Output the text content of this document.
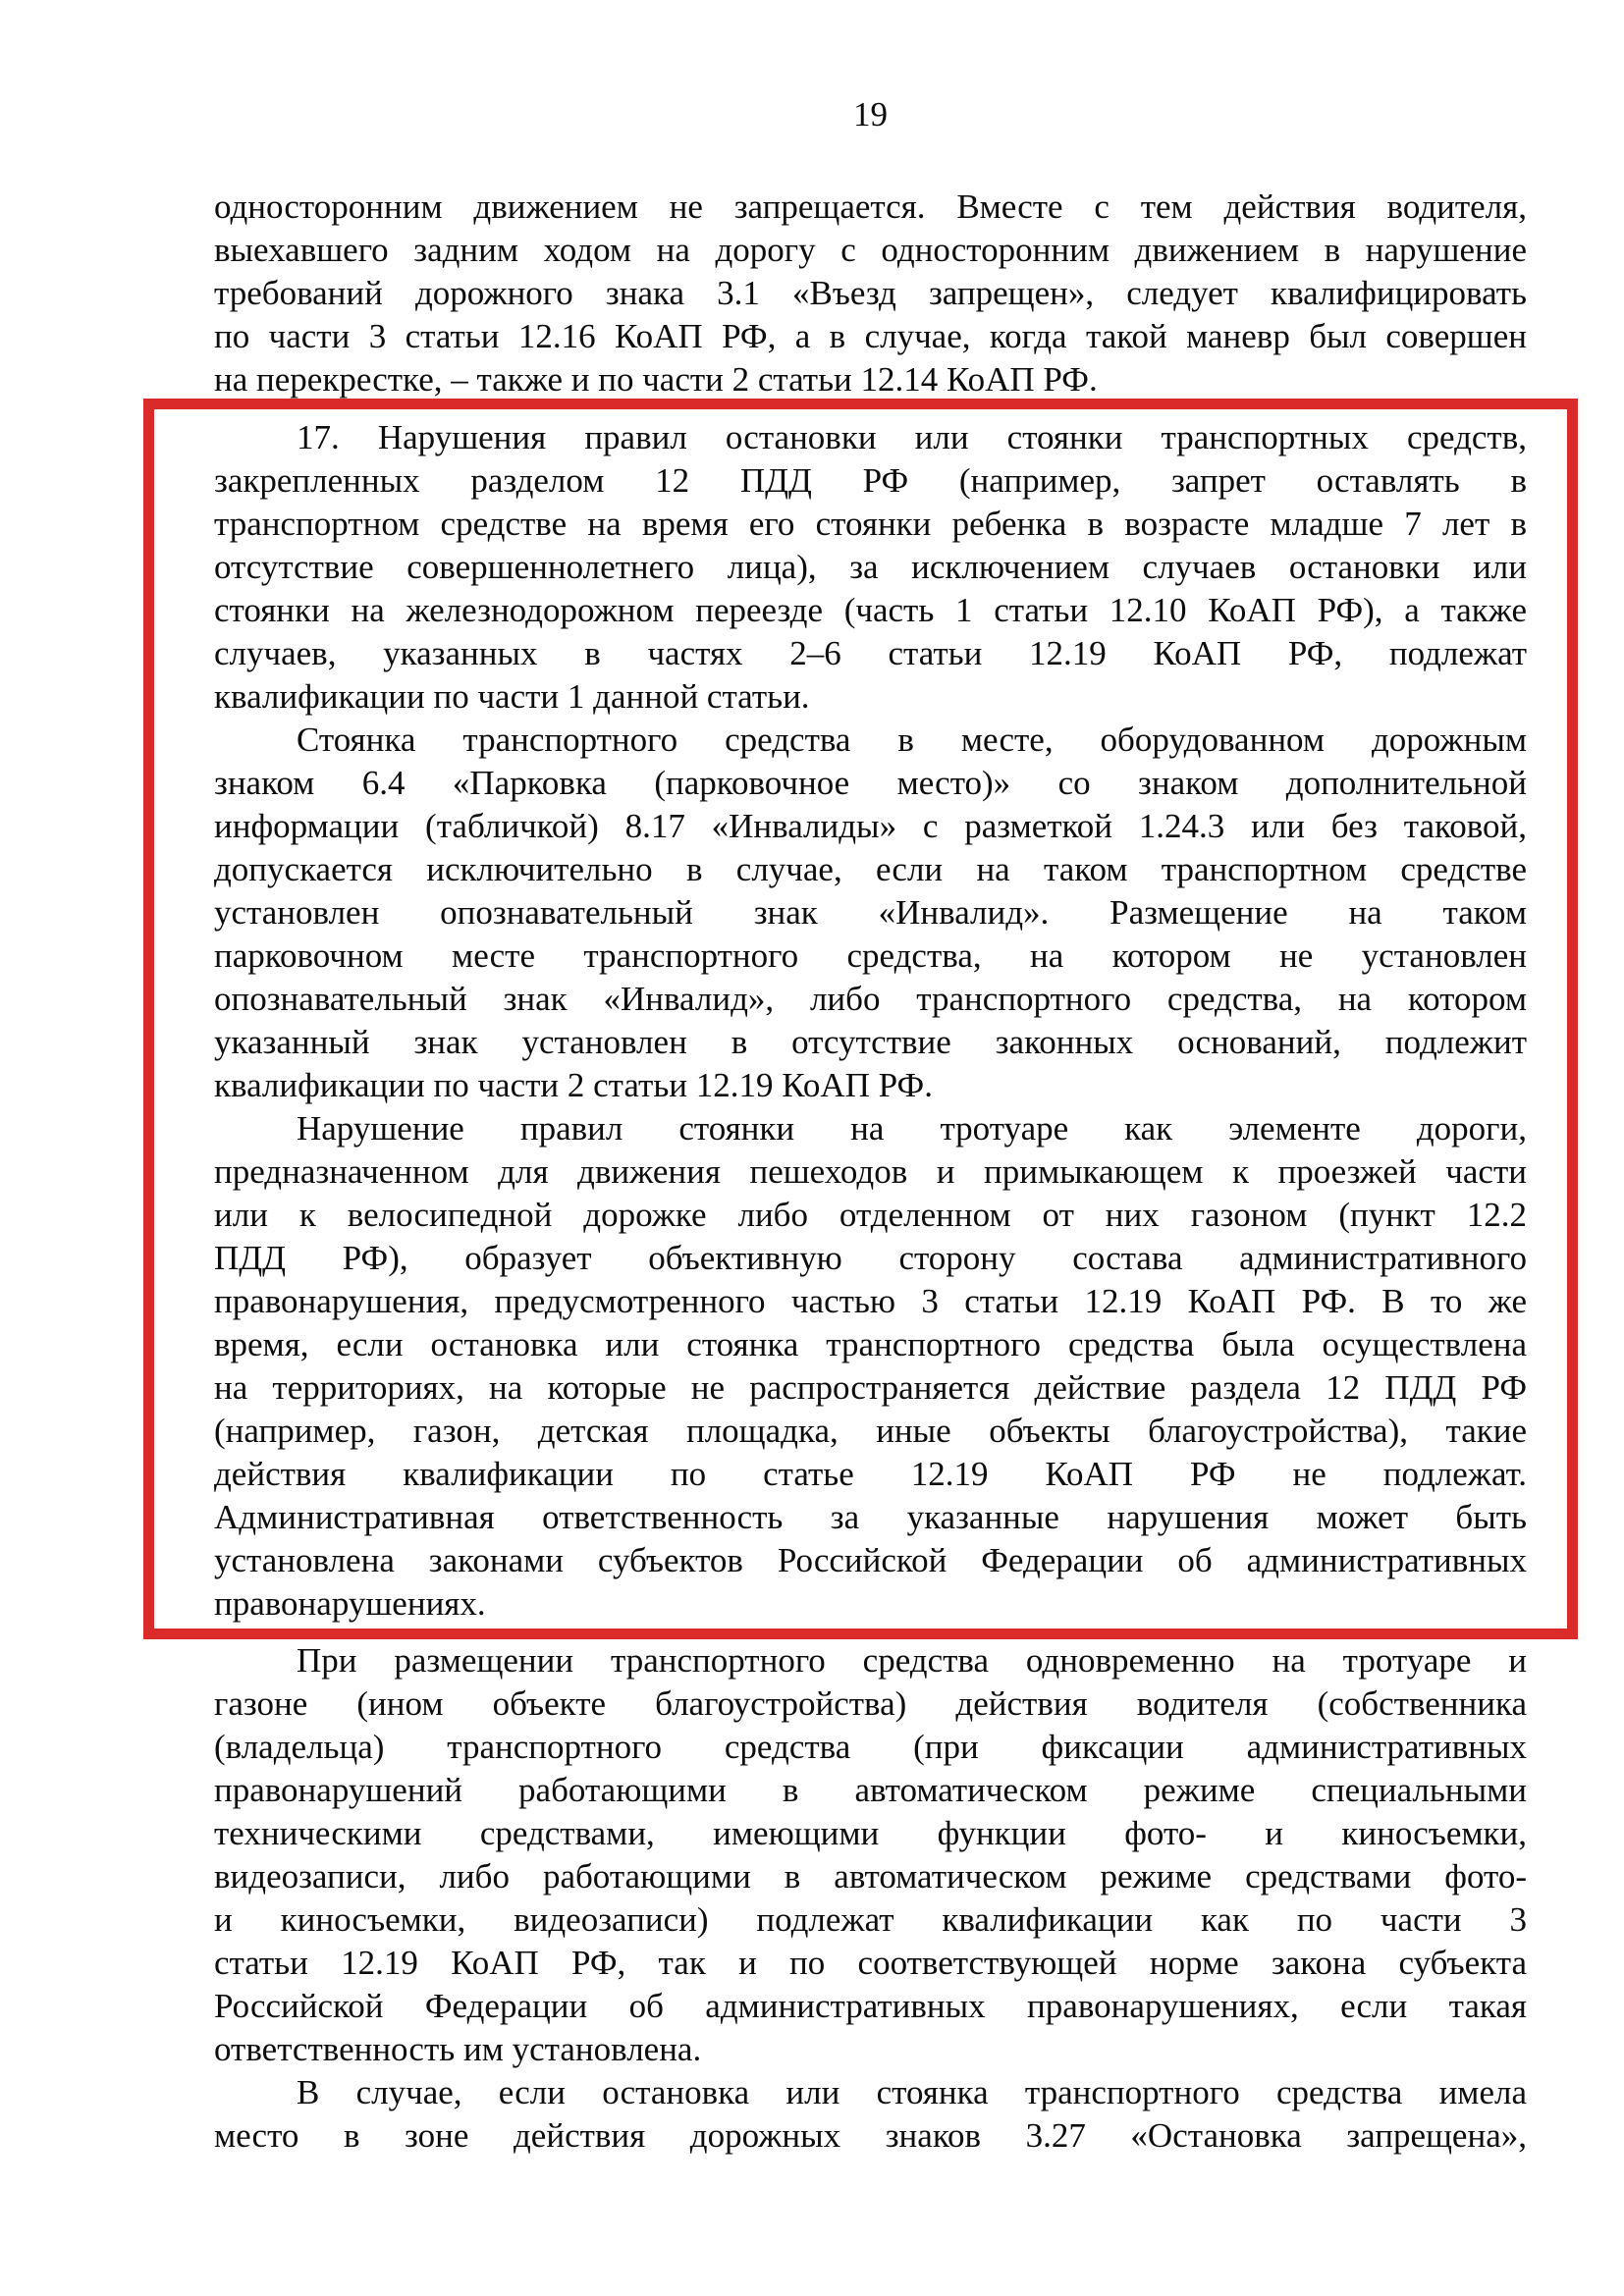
19
односторонним движением не запрещается. Вместе с тем действия водителя,
выехавшего задним ходом на дорогу с односторонним движением в нарушение
требований дорожного знака 3.1 «Въезд запрещен», следует квалифицировать
по части 3 статьи 12.16 КоАП РФ, а в случае, когда такой маневр был совершен
на перекрестке, – также и по части 2 статьи 12.14 КоАП РФ.
17. Нарушения правил остановки или стоянки транспортных средств,
закрепленных разделом 12 ПДД РФ (например, запрет оставлять в
транспортном средстве на время его стоянки ребенка в возрасте младше 7 лет в
отсутствие совершеннолетнего лица), за исключением случаев остановки или
стоянки на железнодорожном переезде (часть 1 статьи 12.10 КоАП РФ), а также
случаев, указанных в частях 2–6 статьи 12.19 КоАП РФ, подлежат
квалификации по части 1 данной статьи.
Стоянка транспортного средства в месте, оборудованном дорожным
знаком 6.4 «Парковка (парковочное место)» со знаком дополнительной
информации (табличкой) 8.17 «Инвалиды» с разметкой 1.24.3 или без таковой,
допускается исключительно в случае, если на таком транспортном средстве
установлен опознавательный знак «Инвалид». Размещение на таком
парковочном месте транспортного средства, на котором не установлен
опознавательный знак «Инвалид», либо транспортного средства, на котором
указанный знак установлен в отсутствие законных оснований, подлежит
квалификации по части 2 статьи 12.19 КоАП РФ.
Нарушение правил стоянки на тротуаре как элементе дороги,
предназначенном для движения пешеходов и примыкающем к проезжей части
или к велосипедной дорожке либо отделенном от них газоном (пункт 12.2
ПДД РФ), образует объективную сторону состава административного
правонарушения, предусмотренного частью 3 статьи 12.19 КоАП РФ. В то же
время, если остановка или стоянка транспортного средства была осуществлена
на территориях, на которые не распространяется действие раздела 12 ПДД РФ
(например, газон, детская площадка, иные объекты благоустройства), такие
действия квалификации по статье 12.19 КоАП РФ не подлежат.
Административная ответственность за указанные нарушения может быть
установлена законами субъектов Российской Федерации об административных
правонарушениях.
При размещении транспортного средства одновременно на тротуаре и
газоне (ином объекте благоустройства) действия водителя (собственника
(владельца) транспортного средства (при фиксации административных
правонарушений работающими в автоматическом режиме специальными
техническими средствами, имеющими функции фото- и киносъемки,
видеозаписи, либо работающими в автоматическом режиме средствами фото-
и киносъемки, видеозаписи) подлежат квалификации как по части 3
статьи 12.19 КоАП РФ, так и по соответствующей норме закона субъекта
Российской Федерации об административных правонарушениях, если такая
ответственность им установлена.
В случае, если остановка или стоянка транспортного средства имела
место в зоне действия дорожных знаков 3.27 «Остановка запрещена»,
